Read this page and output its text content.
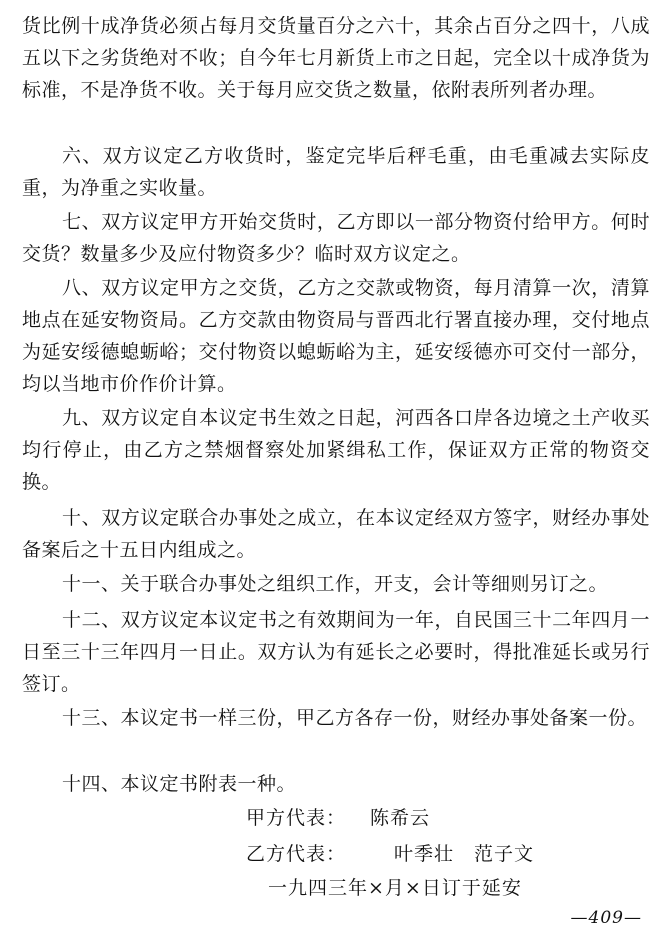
货比例十成净货必须占每月交货量百分之六十，其余占百分之四十，八成五以下之劣货绝对不收；自今年七月新货上市之日起，完全以十成净货为标准，不是净货不收。关于每月应交货之数量，依附表所列者办理。

六、双方议定乙方收货时，鉴定完毕后秤毛重，由毛重减去实际皮重，为净重之实收量。

七、双方议定甲方开始交货时，乙方即以一部分物资付给甲方。何时交货？数量多少及应付物资多少？临时双方议定之。

八、双方议定甲方之交货，乙方之交款或物资，每月清算一次，清算地点在延安物资局。乙方交款由物资局与晋西北行署直接办理，交付地点为延安绥德螅蛎峪；交付物资以螅蛎峪为主，延安绥德亦可交付一部分，均以当地市价作价计算。

九、双方议定自本议定书生效之日起，河西各口岸各边境之土产收买均行停止，由乙方之禁烟督察处加紧缉私工作，保证双方正常的物资交换。

十、双方议定联合办事处之成立，在本议定经双方签字，财经办事处备案后之十五日内组成之。

十一、关于联合办事处之组织工作，开支，会计等细则另订之。

十二、双方议定本议定书之有效期间为一年，自民国三十二年四月一日至三十三年四月一日止。双方认为有延长之必要时，得批准延长或另行签订。

十三、本议定书一样三份，甲乙方各存一份，财经办事处备案一份。

十四、本议定书附表一种。

甲方代表： 陈希云
乙方代表：	叶季壮　范子文
一九四三年×月×日订于延安
—409—
